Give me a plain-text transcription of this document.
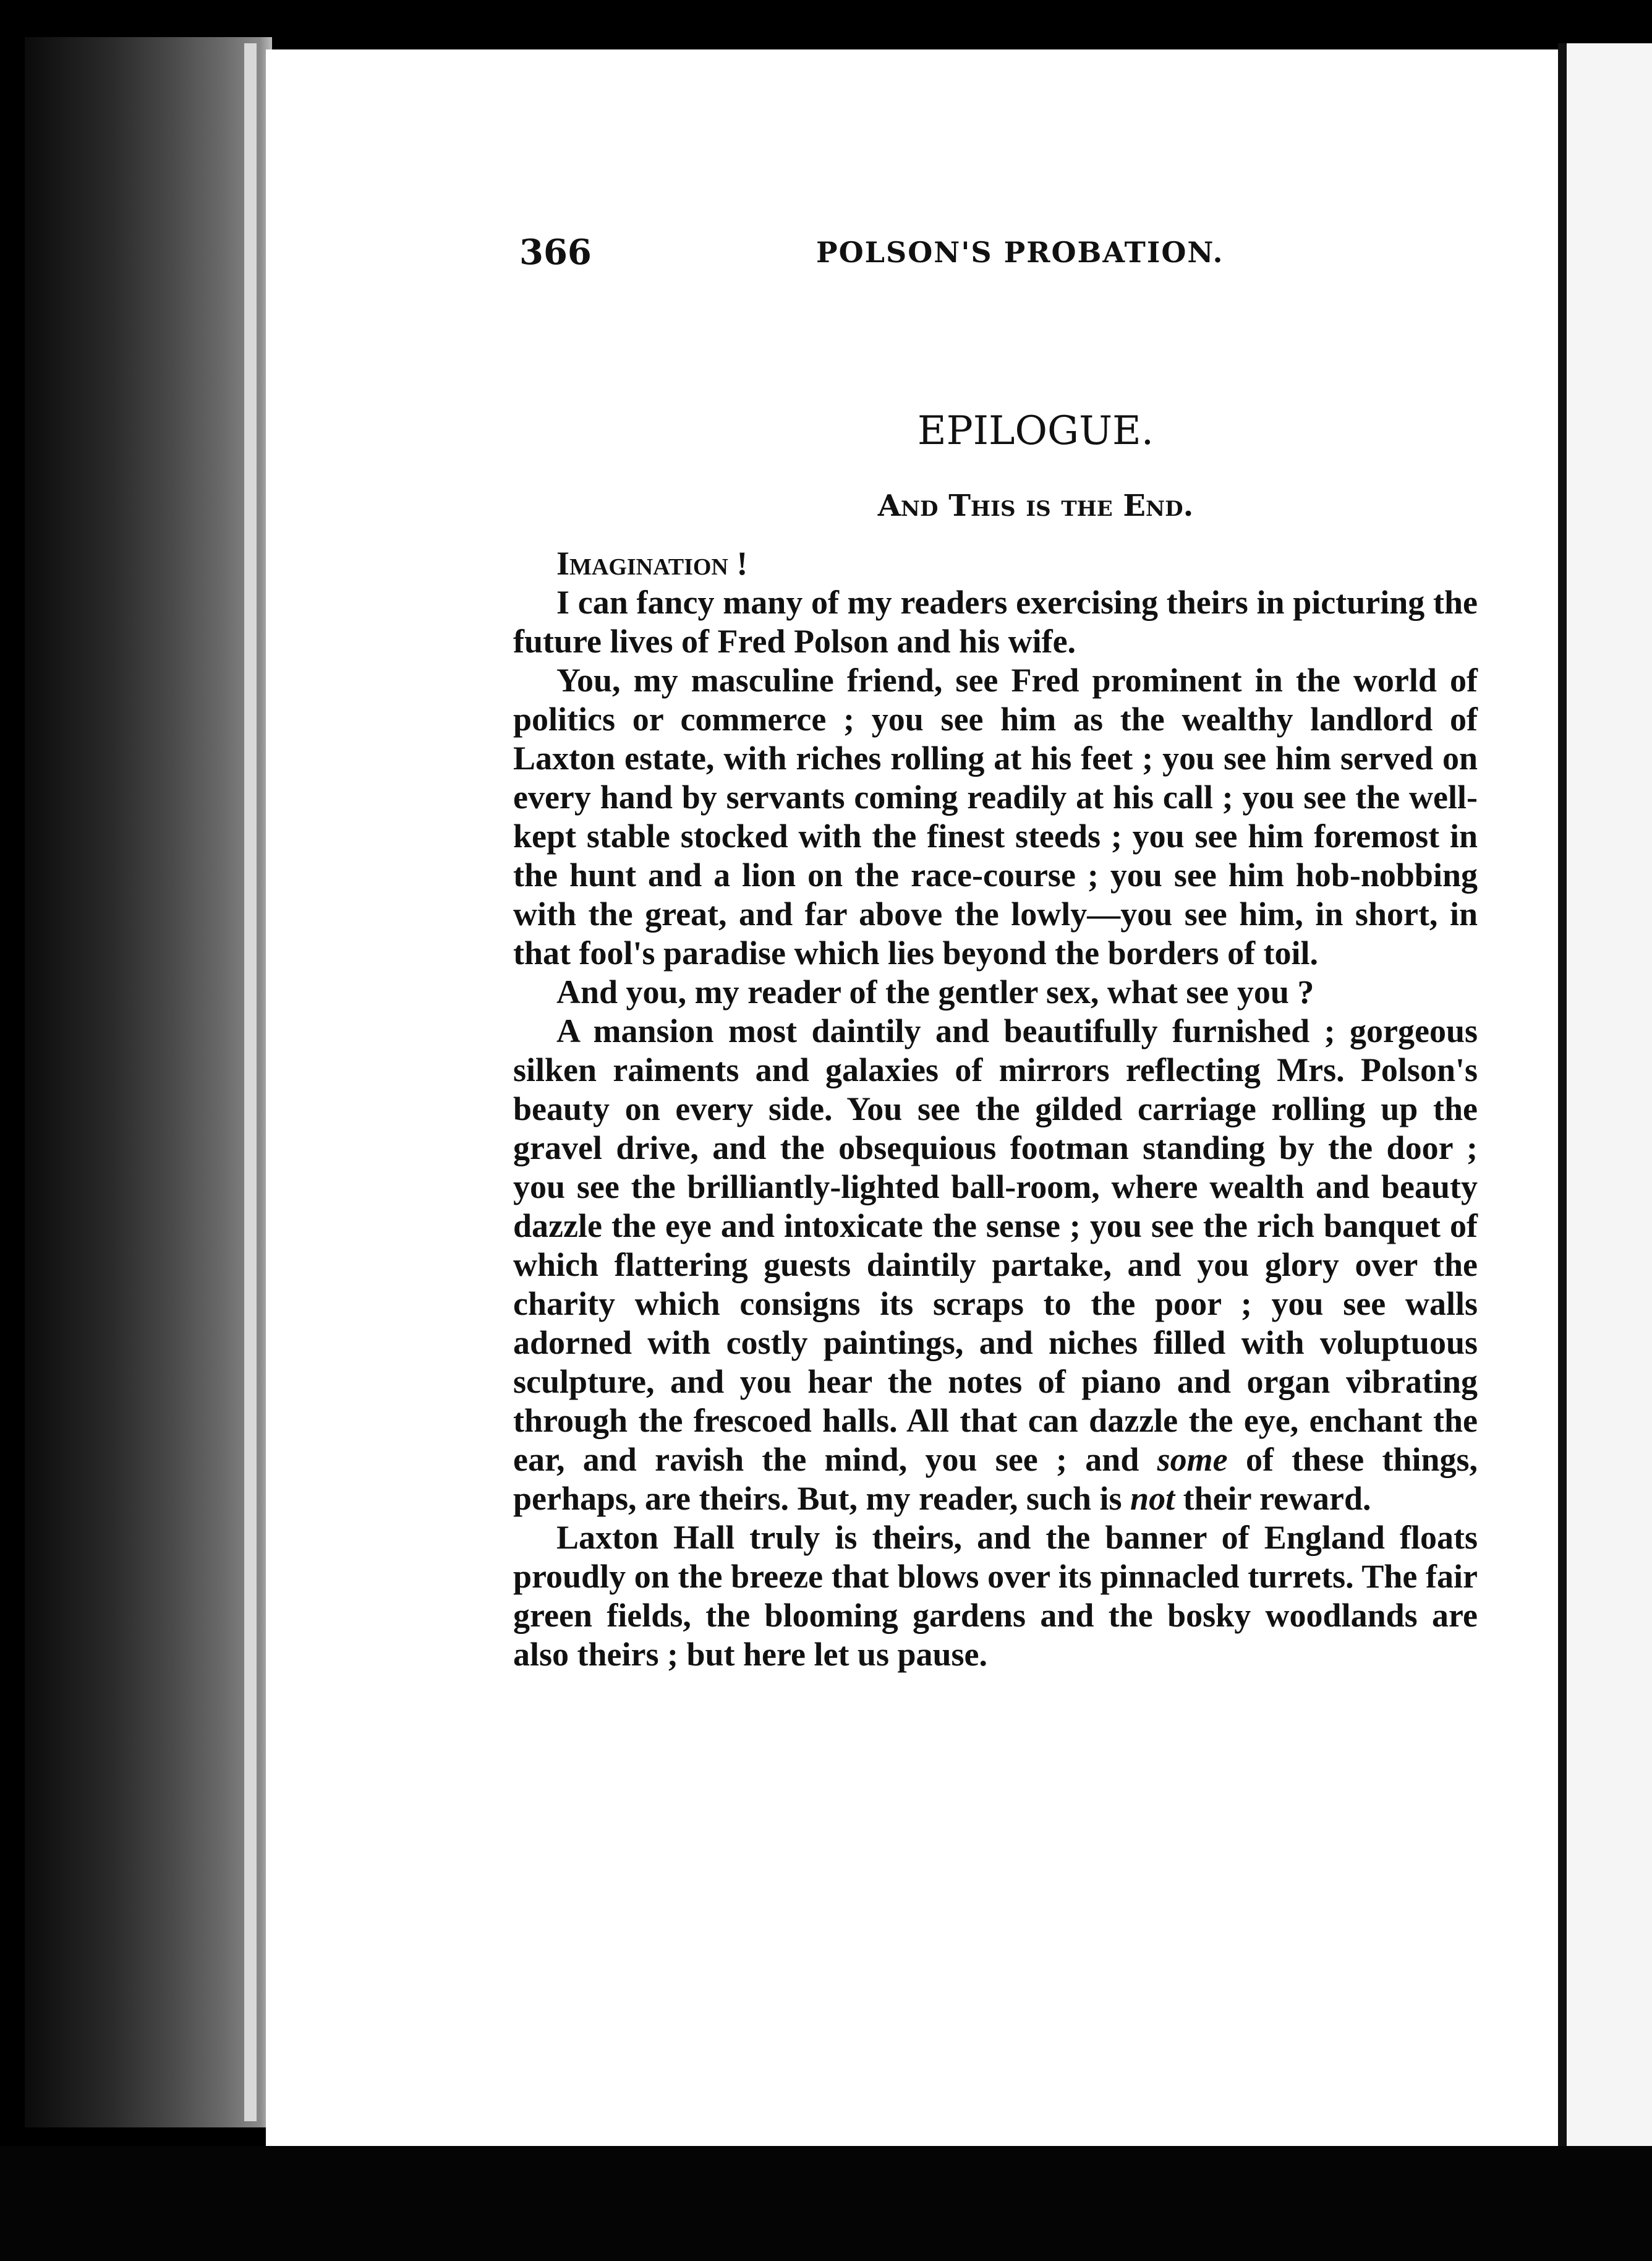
366	POLSON'S PROBATION.
EPILOGUE.
And This is the End.

Imagination !

I can fancy many of my readers exercising theirs in picturing the future lives of Fred Polson and his wife.

You, my masculine friend, see Fred prominent in the world of politics or commerce ; you see him as the wealthy landlord of Laxton estate, with riches rolling at his feet ; you see him served on every hand by servants coming readily at his call ; you see the well-kept stable stocked with the finest steeds ; you see him foremost in the hunt and a lion on the race-course ; you see him hob-nobbing with the great, and far above the lowly—you see him, in short, in that fool's paradise which lies beyond the borders of toil.

And you, my reader of the gentler sex, what see you ?

A mansion most daintily and beautifully furnished ; gorgeous silken raiments and galaxies of mirrors reflecting Mrs. Polson's beauty on every side. You see the gilded carriage rolling up the gravel drive, and the obsequious footman standing by the door ; you see the brilliantly-lighted ball-room, where wealth and beauty dazzle the eye and intoxicate the sense ; you see the rich banquet of which flattering guests daintily partake, and you glory over the charity which consigns its scraps to the poor ; you see walls adorned with costly paintings, and niches filled with voluptuous sculpture, and you hear the notes of piano and organ vibrating through the frescoed halls. All that can dazzle the eye, enchant the ear, and ravish the mind, you see ; and some of these things, perhaps, are theirs. But, my reader, such is not their reward.

Laxton Hall truly is theirs, and the banner of England floats proudly on the breeze that blows over its pinnacled turrets. The fair green fields, the blooming gardens and the bosky woodlands are also theirs ; but here let us pause.
